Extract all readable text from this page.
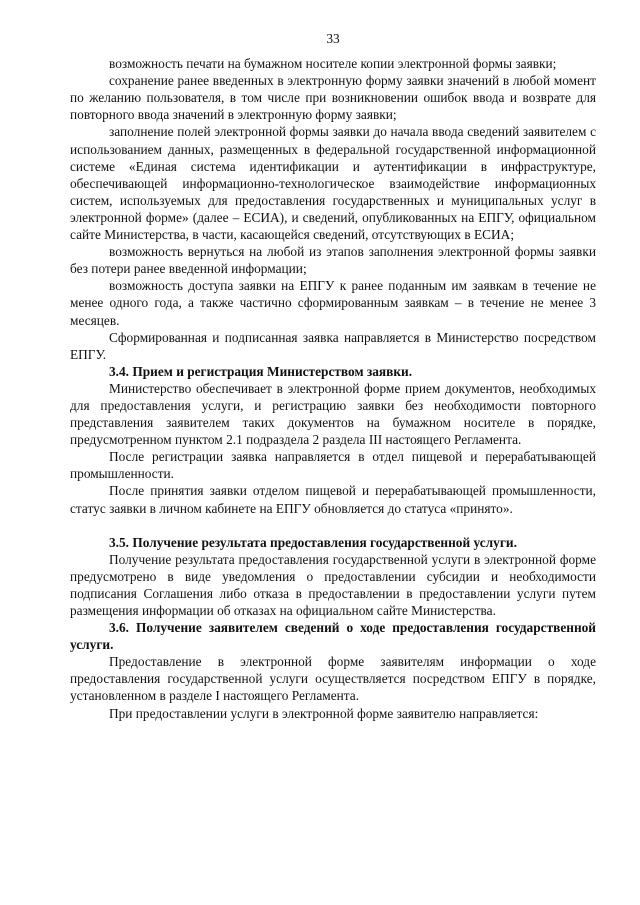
33

возможность печати на бумажном носителе копии электронной формы заявки;

сохранение ранее введенных в электронную форму заявки значений в любой момент по желанию пользователя, в том числе при возникновении ошибок ввода и возврате для повторного ввода значений в электронную форму заявки;

заполнение полей электронной формы заявки до начала ввода сведений заявителем с использованием данных, размещенных в федеральной государственной информационной системе «Единая система идентификации и аутентификации в инфраструктуре, обеспечивающей информационно-технологическое взаимодействие информационных систем, используемых для предоставления государственных и муниципальных услуг в электронной форме» (далее – ЕСИА), и сведений, опубликованных на ЕПГУ, официальном сайте Министерства, в части, касающейся сведений, отсутствующих в ЕСИА;

возможность вернуться на любой из этапов заполнения электронной формы заявки без потери ранее введенной информации;

возможность доступа заявки на ЕПГУ к ранее поданным им заявкам в течение не менее одного года, а также частично сформированным заявкам – в течение не менее 3 месяцев.

Сформированная и подписанная заявка направляется в Министерство посредством ЕПГУ.

3.4. Прием и регистрация Министерством заявки.

Министерство обеспечивает в электронной форме прием документов, необходимых для предоставления услуги, и регистрацию заявки без необходимости повторного представления заявителем таких документов на бумажном носителе в порядке, предусмотренном пунктом 2.1 подраздела 2 раздела III настоящего Регламента.

После регистрации заявка направляется в отдел пищевой и перерабатывающей промышленности.

После принятия заявки отделом пищевой и перерабатывающей промышленности, статус заявки в личном кабинете на ЕПГУ обновляется до статуса «принято».

3.5. Получение результата предоставления государственной услуги.

Получение результата предоставления государственной услуги в электронной форме предусмотрено в виде уведомления о предоставлении субсидии и необходимости подписания Соглашения либо отказа в предоставлении в предоставлении услуги путем размещения информации об отказах на официальном сайте Министерства.

3.6. Получение заявителем сведений о ходе предоставления государственной услуги.

Предоставление в электронной форме заявителям информации о ходе предоставления государственной услуги осуществляется посредством ЕПГУ в порядке, установленном в разделе I настоящего Регламента.

При предоставлении услуги в электронной форме заявителю направляется:
